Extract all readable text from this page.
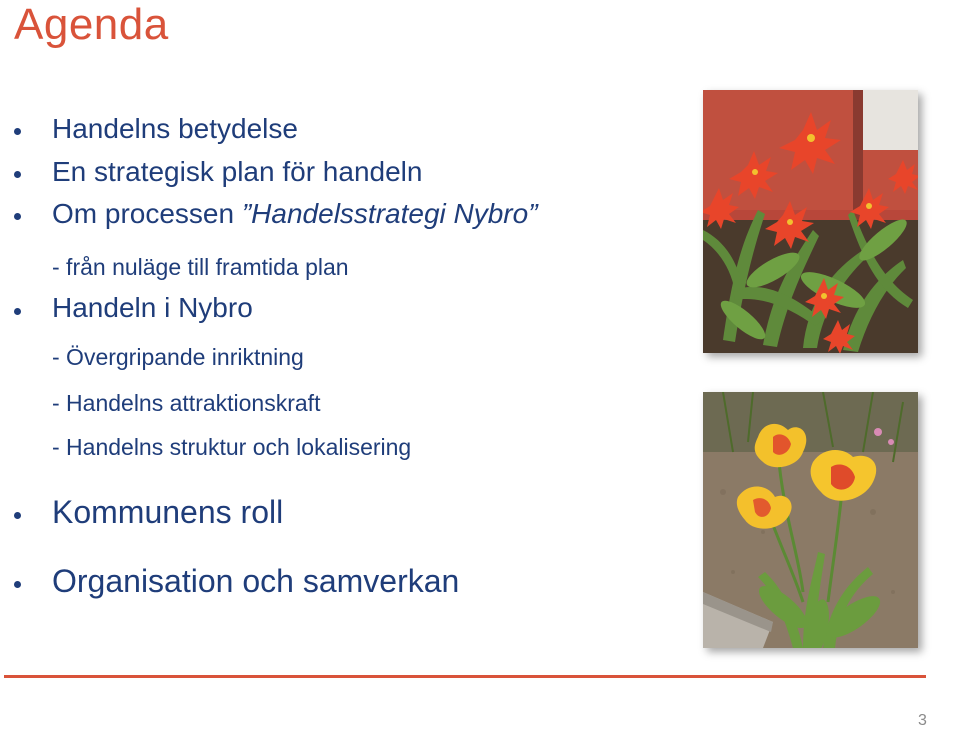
Agenda
Handelns betydelse
En strategisk plan för handeln
Om processen ”Handelsstrategi Nybro”
- från nuläge till framtida plan
Handeln i Nybro
- Övergripande inriktning
- Handelns attraktionskraft
- Handelns struktur och lokalisering
Kommunens roll
Organisation och samverkan
3
